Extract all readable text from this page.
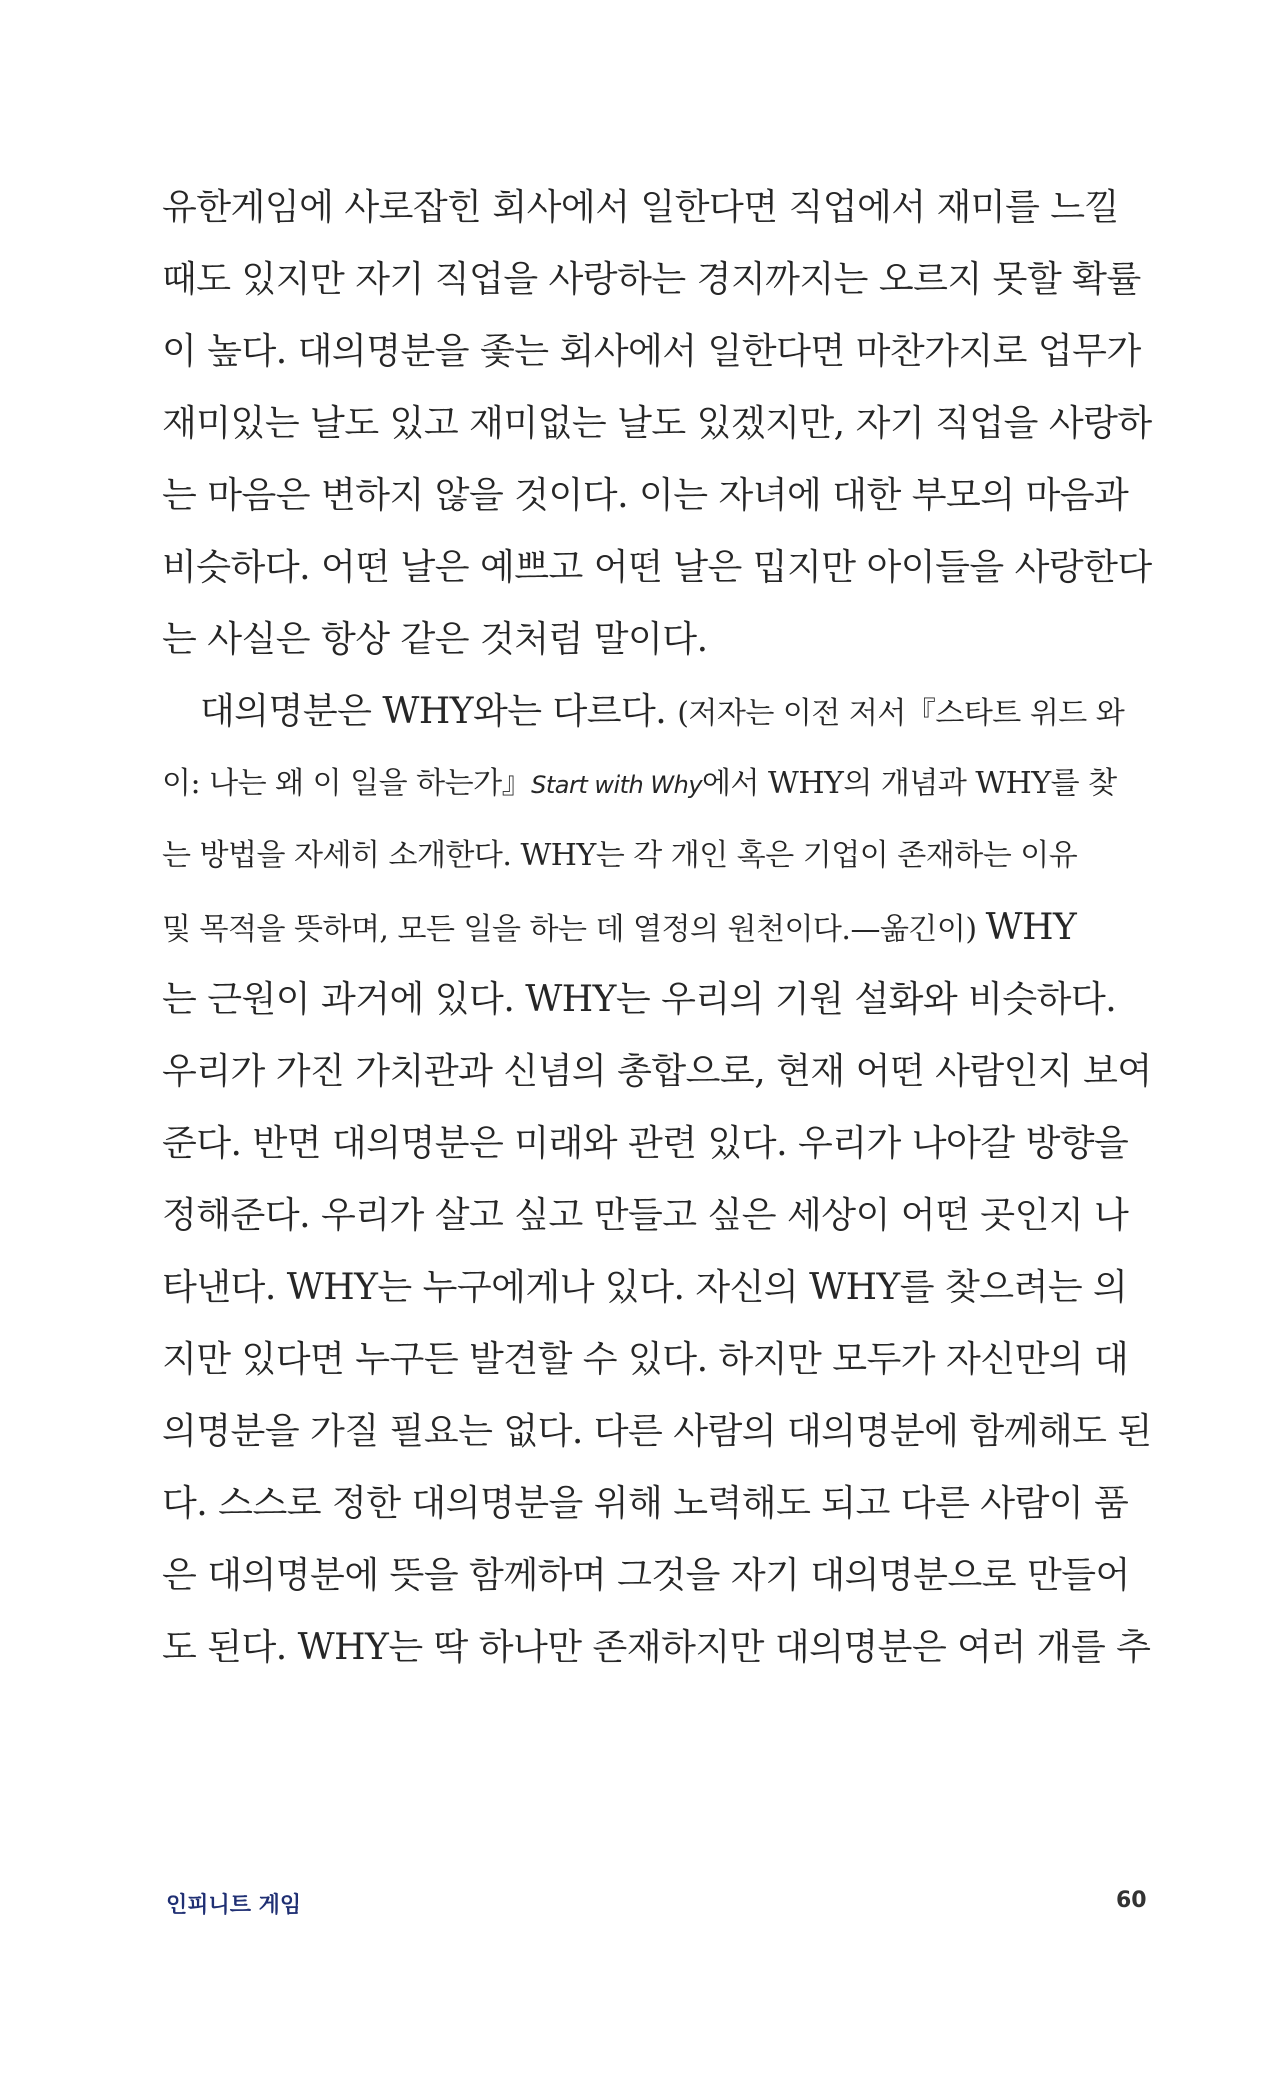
유한게임에 사로잡힌 회사에서 일한다면 직업에서 재미를 느낄
때도 있지만 자기 직업을 사랑하는 경지까지는 오르지 못할 확률
이 높다. 대의명분을 좇는 회사에서 일한다면 마찬가지로 업무가
재미있는 날도 있고 재미없는 날도 있겠지만, 자기 직업을 사랑하
는 마음은 변하지 않을 것이다. 이는 자녀에 대한 부모의 마음과
비슷하다. 어떤 날은 예쁘고 어떤 날은 밉지만 아이들을 사랑한다
는 사실은 항상 같은 것처럼 말이다.
대의명분은 WHY와는 다르다. (저자는 이전 저서『스타트 위드 와
이: 나는 왜 이 일을 하는가』Start with Why에서 WHY의 개념과 WHY를 찾
는 방법을 자세히 소개한다. WHY는 각 개인 혹은 기업이 존재하는 이유
및 목적을 뜻하며, 모든 일을 하는 데 열정의 원천이다.—옮긴이) WHY
는 근원이 과거에 있다. WHY는 우리의 기원 설화와 비슷하다.
우리가 가진 가치관과 신념의 총합으로, 현재 어떤 사람인지 보여
준다. 반면 대의명분은 미래와 관련 있다. 우리가 나아갈 방향을
정해준다. 우리가 살고 싶고 만들고 싶은 세상이 어떤 곳인지 나
타낸다. WHY는 누구에게나 있다. 자신의 WHY를 찾으려는 의
지만 있다면 누구든 발견할 수 있다. 하지만 모두가 자신만의 대
의명분을 가질 필요는 없다. 다른 사람의 대의명분에 함께해도 된
다. 스스로 정한 대의명분을 위해 노력해도 되고 다른 사람이 품
은 대의명분에 뜻을 함께하며 그것을 자기 대의명분으로 만들어
도 된다. WHY는 딱 하나만 존재하지만 대의명분은 여러 개를 추
인피니트 게임	60
